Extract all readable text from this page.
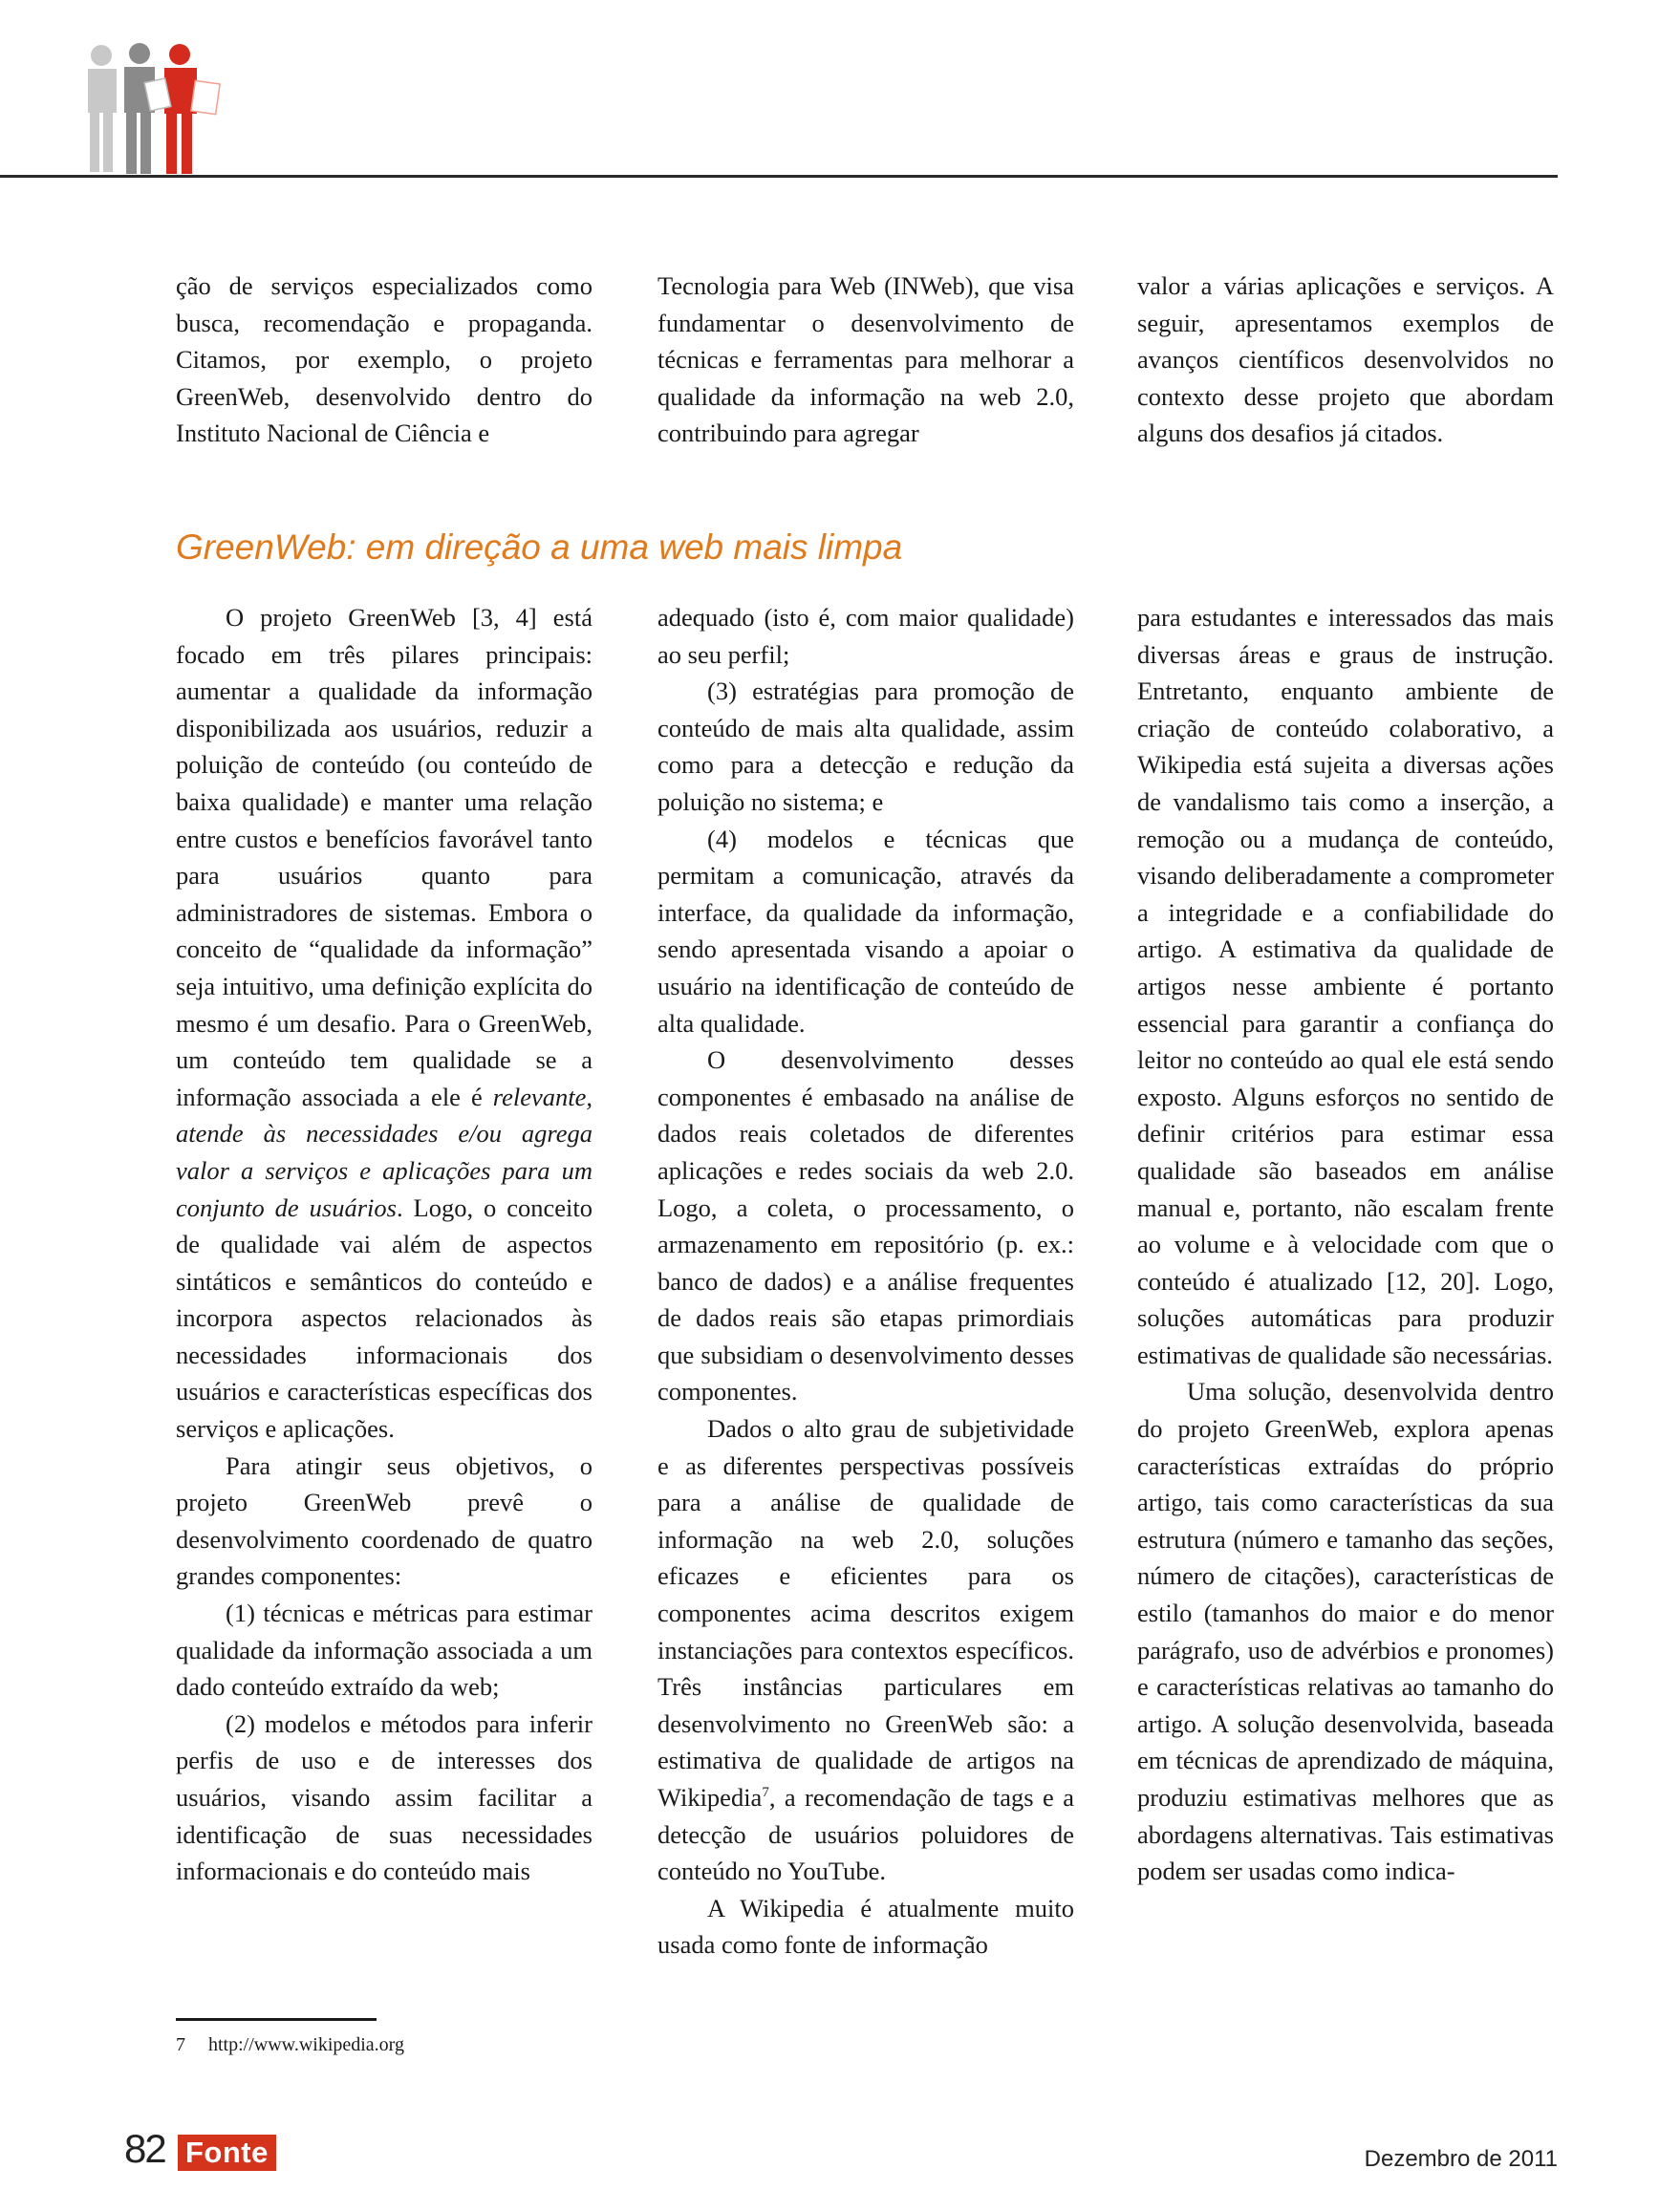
ção de serviços especializados como busca, recomendação e propaganda. Citamos, por exemplo, o projeto GreenWeb, desenvolvido dentro do Instituto Nacional de Ciência e

Tecnologia para Web (INWeb), que visa fundamentar o desenvolvimento de técnicas e ferramentas para melhorar a qualidade da informação na web 2.0, contribuindo para agregar

valor a várias aplicações e serviços. A seguir, apresentamos exemplos de avanços científicos desenvolvidos no contexto desse projeto que abordam alguns dos desafios já citados.

GreenWeb: em direção a uma web mais limpa

O projeto GreenWeb [3, 4] está focado em três pilares principais: aumentar a qualidade da informação disponibilizada aos usuários, reduzir a poluição de conteúdo (ou conteúdo de baixa qualidade) e manter uma relação entre custos e benefícios favorável tanto para usuários quanto para administradores de sistemas. Embora o conceito de “qualidade da informação” seja intuitivo, uma definição explícita do mesmo é um desafio. Para o GreenWeb, um conteúdo tem qualidade se a informação associada a ele é relevante, atende às necessidades e/ou agrega valor a serviços e aplicações para um conjunto de usuários. Logo, o conceito de qualidade vai além de aspectos sintáticos e semânticos do conteúdo e incorpora aspectos relacionados às necessidades informacionais dos usuários e características específicas dos serviços e aplicações.

Para atingir seus objetivos, o projeto GreenWeb prevê o desenvolvimento coordenado de quatro grandes componentes:

(1) técnicas e métricas para estimar qualidade da informação associada a um dado conteúdo extraído da web;

(2) modelos e métodos para inferir perfis de uso e de interesses dos usuários, visando assim facilitar a identificação de suas necessidades informacionais e do conteúdo mais

adequado (isto é, com maior qualidade) ao seu perfil;

(3) estratégias para promoção de conteúdo de mais alta qualidade, assim como para a detecção e redução da poluição no sistema; e

(4) modelos e técnicas que permitam a comunicação, através da interface, da qualidade da informação, sendo apresentada visando a apoiar o usuário na identificação de conteúdo de alta qualidade.

O desenvolvimento desses componentes é embasado na análise de dados reais coletados de diferentes aplicações e redes sociais da web 2.0. Logo, a coleta, o processamento, o armazenamento em repositório (p. ex.: banco de dados) e a análise frequentes de dados reais são etapas primordiais que subsidiam o desenvolvimento desses componentes.

Dados o alto grau de subjetividade e as diferentes perspectivas possíveis para a análise de qualidade de informação na web 2.0, soluções eficazes e eficientes para os componentes acima descritos exigem instanciações para contextos específicos. Três instâncias particulares em desenvolvimento no GreenWeb são: a estimativa de qualidade de artigos na Wikipedia$^7$, a recomendação de tags e a detecção de usuários poluidores de conteúdo no YouTube.

A Wikipedia é atualmente muito usada como fonte de informação

para estudantes e interessados das mais diversas áreas e graus de instrução. Entretanto, enquanto ambiente de criação de conteúdo colaborativo, a Wikipedia está sujeita a diversas ações de vandalismo tais como a inserção, a remoção ou a mudança de conteúdo, visando deliberadamente a comprometer a integridade e a confiabilidade do artigo. A estimativa da qualidade de artigos nesse ambiente é portanto essencial para garantir a confiança do leitor no conteúdo ao qual ele está sendo exposto. Alguns esforços no sentido de definir critérios para estimar essa qualidade são baseados em análise manual e, portanto, não escalam frente ao volume e à velocidade com que o conteúdo é atualizado [12, 20]. Logo, soluções automáticas para produzir estimativas de qualidade são necessárias.

Uma solução, desenvolvida dentro do projeto GreenWeb, explora apenas características extraídas do próprio artigo, tais como características da sua estrutura (número e tamanho das seções, número de citações), características de estilo (tamanhos do maior e do menor parágrafo, uso de advérbios e pronomes) e características relativas ao tamanho do artigo. A solução desenvolvida, baseada em técnicas de aprendizado de máquina, produziu estimativas melhores que as abordagens alternativas. Tais estimativas podem ser usadas como indica-

7 http://www.wikipedia.org
82 Fonte	Dezembro de 2011
